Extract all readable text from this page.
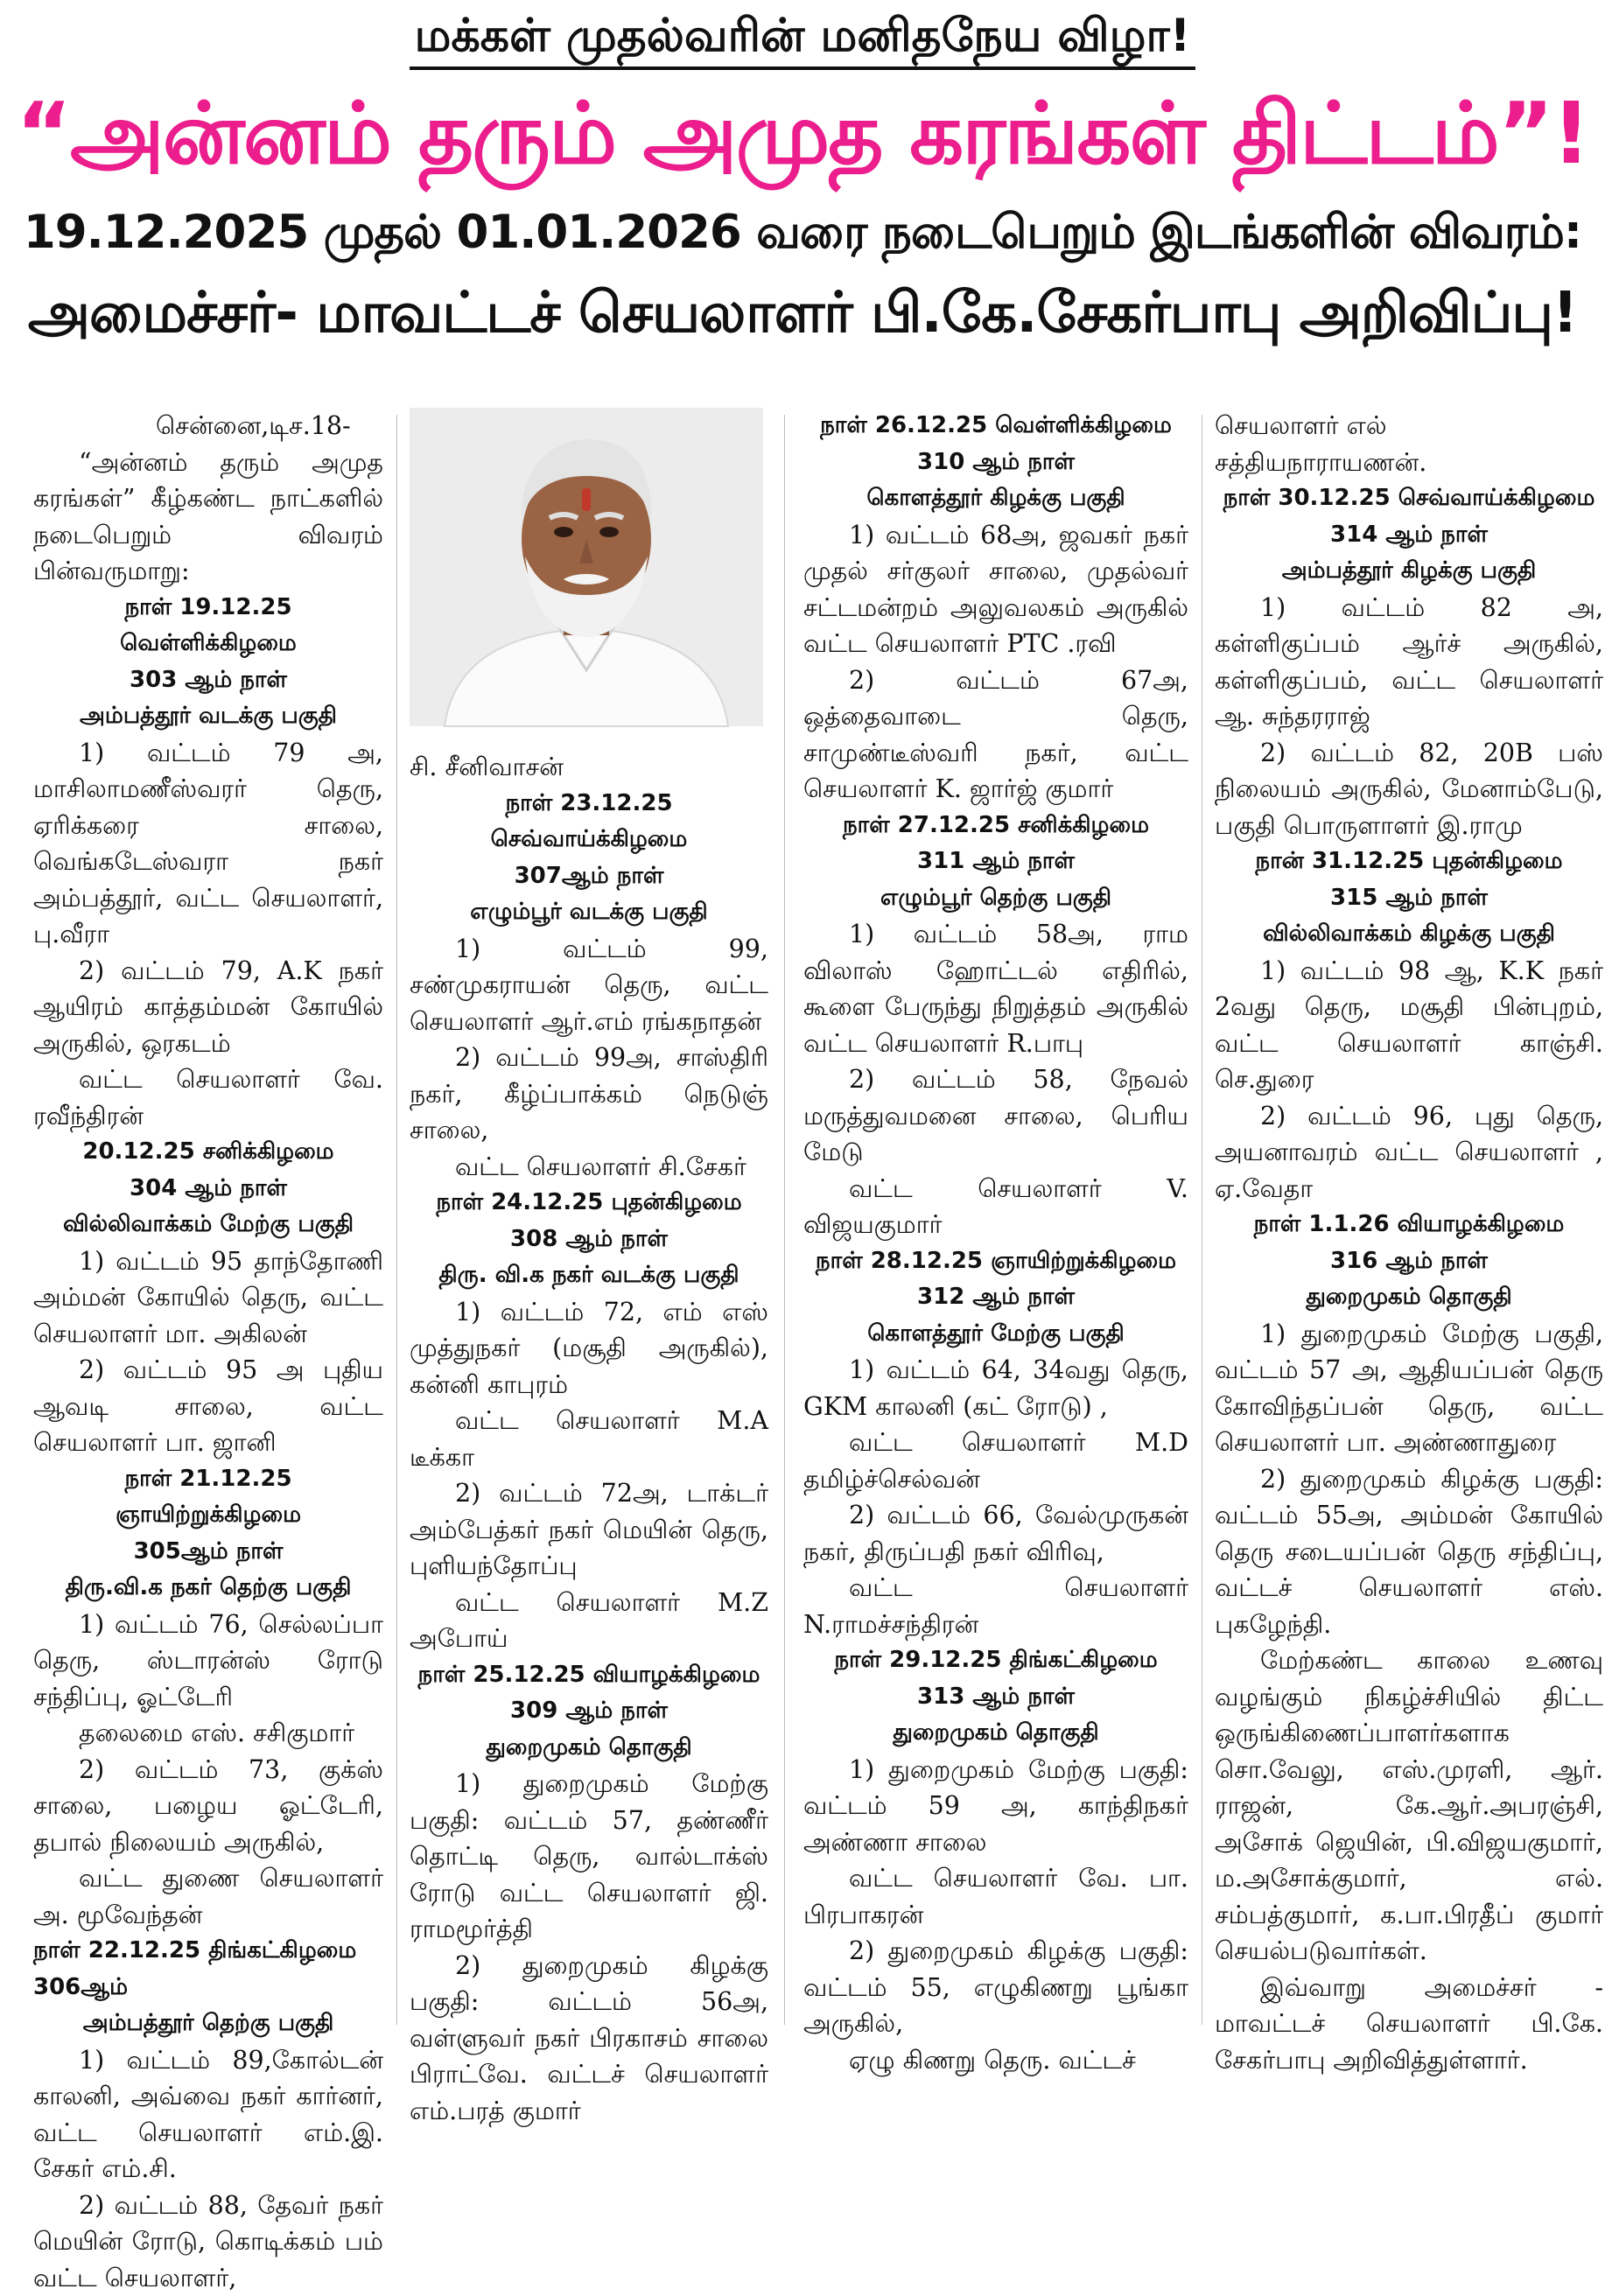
மக்கள் முதல்வரின் மனிதநேய விழா!
“அன்னம் தரும் அமுத கரங்கள் திட்டம்”!
19.12.2025 முதல் 01.01.2026 வரை நடைபெறும் இடங்களின் விவரம்:
அமைச்சர்- மாவட்டச் செயலாளர் பி.கே.சேகர்பாபு அறிவிப்பு!

சென்னை,டிச.18-

“அன்னம் தரும் அமுத கரங்கள்” கீழ்கண்ட நாட்களில் நடைபெறும் விவரம் பின்வருமாறு:

நாள் 19.12.25 வெள்ளிக்கிழமை

303 ஆம் நாள்

அம்பத்தூர் வடக்கு பகுதி

1) வட்டம் 79 அ, மாசிலாமணீஸ்வரர் தெரு, ஏரிக்கரை சாலை, வெங்கடேஸ்வரா நகர் அம்பத்தூர், வட்ட செயலாளர், பு.வீரா

2) வட்டம் 79, A.K நகர் ஆயிரம் காத்தம்மன் கோயில் அருகில், ஒரகடம்

வட்ட செயலாளர் வே. ரவீந்திரன்

20.12.25 சனிக்கிழமை

304 ஆம் நாள்

வில்லிவாக்கம் மேற்கு பகுதி

1) வட்டம் 95 தாந்தோணி அம்மன் கோயில் தெரு, வட்ட செயலாளர் மா. அகிலன்

2) வட்டம் 95 அ புதிய ஆவடி சாலை, வட்ட செயலாளர் பா. ஜானி

நாள் 21.12.25 ஞாயிற்றுக்கிழமை

305ஆம் நாள்

திரு.வி.க நகர் தெற்கு பகுதி

1) வட்டம் 76, செல்லப்பா தெரு, ஸ்டாரன்ஸ் ரோடு சந்திப்பு, ஓட்டேரி

தலைமை எஸ். சசிகுமார்

2) வட்டம் 73, குக்ஸ் சாலை, பழைய ஓட்டேரி, தபால் நிலையம் அருகில்,

வட்ட துணை செயலாளர் அ. மூவேந்தன்

நாள் 22.12.25 திங்கட்கிழமை 306ஆம்

அம்பத்தூர் தெற்கு பகுதி

1) வட்டம் 89,கோல்டன் காலனி, அவ்வை நகர் கார்னர், வட்ட செயலாளர் எம்.இ. சேகர் எம்.சி.

2) வட்டம் 88, தேவர் நகர் மெயின் ரோடு, கொடிக்கம் பம் வட்ட செயலாளர்,

சி. சீனிவாசன்

நாள் 23.12.25 செவ்வாய்க்கிழமை

307ஆம் நாள்

எழும்பூர் வடக்கு பகுதி

1) வட்டம் 99, சண்முகராயன் தெரு, வட்ட செயலாளர் ஆர்.எம் ரங்கநாதன்

2) வட்டம் 99அ, சாஸ்திரி நகர், கீழ்ப்பாக்கம் நெடுஞ் சாலை,

வட்ட செயலாளர் சி.சேகர்

நாள் 24.12.25 புதன்கிழமை

308 ஆம் நாள்

திரு. வி.க நகர் வடக்கு பகுதி

1) வட்டம் 72, எம் எஸ் முத்துநகர் (மசூதி அருகில்), கன்னி காபுரம்

வட்ட செயலாளர் M.A டீக்கா

2) வட்டம் 72அ, டாக்டர் அம்பேத்கர் நகர் மெயின் தெரு, புளியந்தோப்பு

வட்ட செயலாளர் M.Z அபோய்

நாள் 25.12.25 வியாழக்கிழமை

309 ஆம் நாள்

துறைமுகம் தொகுதி

1) துறைமுகம் மேற்கு பகுதி: வட்டம் 57, தண்ணீர் தொட்டி தெரு, வால்டாக்ஸ் ரோடு வட்ட செயலாளர் ஜி. ராமமூர்த்தி

2) துறைமுகம் கிழக்கு பகுதி: வட்டம் 56அ, வள்ளுவர் நகர் பிரகாசம் சாலை பிராட்வே. வட்டச் செயலாளர் எம்.பரத் குமார்

நாள் 26.12.25 வெள்ளிக்கிழமை

310 ஆம் நாள்

கொளத்தூர் கிழக்கு பகுதி

1) வட்டம் 68அ, ஜவகர் நகர் முதல் சர்குலர் சாலை, முதல்வர் சட்டமன்றம் அலுவலகம் அருகில் வட்ட செயலாளர் PTC .ரவி

2) வட்டம் 67அ, ஒத்தைவாடை தெரு, சாமுண்டீஸ்வரி நகர், வட்ட செயலாளர் K. ஜார்ஜ் குமார்

நாள் 27.12.25 சனிக்கிழமை

311 ஆம் நாள்

எழும்பூர் தெற்கு பகுதி

1) வட்டம் 58அ, ராம விலாஸ் ஹோட்டல் எதிரில், கூளை பேருந்து நிறுத்தம் அருகில் வட்ட செயலாளர் R.பாபு

2) வட்டம் 58, நேவல் மருத்துவமனை சாலை, பெரிய மேடு

வட்ட செயலாளர் V. விஜயகுமார்

நாள் 28.12.25 ஞாயிற்றுக்கிழமை

312 ஆம் நாள்

கொளத்தூர் மேற்கு பகுதி

1) வட்டம் 64, 34வது தெரு, GKM காலனி (கட் ரோடு) ,

வட்ட செயலாளர் M.D தமிழ்ச்செல்வன்

2) வட்டம் 66, வேல்முருகன் நகர், திருப்பதி நகர் விரிவு,

வட்ட செயலாளர் N.ராமச்சந்திரன்

நாள் 29.12.25 திங்கட்கிழமை

313 ஆம் நாள்

துறைமுகம் தொகுதி

1) துறைமுகம் மேற்கு பகுதி: வட்டம் 59 அ, காந்திநகர் அண்ணா சாலை

வட்ட செயலாளர் வே. பா. பிரபாகரன்

2) துறைமுகம் கிழக்கு பகுதி: வட்டம் 55, எழுகிணறு பூங்கா அருகில்,

ஏழு கிணறு தெரு. வட்டச்

செயலாளர் எல் சத்தியநாராயணன்.

நாள் 30.12.25 செவ்வாய்க்கிழமை

314 ஆம் நாள்

அம்பத்தூர் கிழக்கு பகுதி

1) வட்டம் 82 அ, கள்ளிகுப்பம் ஆர்ச் அருகில், கள்ளிகுப்பம், வட்ட செயலாளர் ஆ. சுந்தரராஜ்

2) வட்டம் 82, 20B பஸ் நிலையம் அருகில், மேனாம்பேடு, பகுதி பொருளாளர் இ.ராமு

நான் 31.12.25 புதன்கிழமை

315 ஆம் நாள்

வில்லிவாக்கம் கிழக்கு பகுதி

1) வட்டம் 98 ஆ, K.K நகர் 2வது தெரு, மசூதி பின்புறம், வட்ட செயலாளர் காஞ்சி. செ.துரை

2) வட்டம் 96, புது தெரு, அயனாவரம் வட்ட செயலாளர் , ஏ.வேதா

நாள் 1.1.26 வியாழக்கிழமை

316 ஆம் நாள்

துறைமுகம் தொகுதி

1) துறைமுகம் மேற்கு பகுதி, வட்டம் 57 அ, ஆதியப்பன் தெரு கோவிந்தப்பன் தெரு, வட்ட செயலாளர் பா. அண்ணாதுரை

2) துறைமுகம் கிழக்கு பகுதி: வட்டம் 55அ, அம்மன் கோயில் தெரு சடையப்பன் தெரு சந்திப்பு, வட்டச் செயலாளர் எஸ். புகழேந்தி.

மேற்கண்ட காலை உணவு வழங்கும் நிகழ்ச்சியில் திட்ட ஒருங்கிணைப்பாளர்களாக சொ.வேலு, எஸ்.முரளி, ஆர். ராஜன், கே.ஆர்.அபரஞ்சி, அசோக் ஜெயின், பி.விஜயகுமார், ம.அசோக்குமார், எல். சம்பத்குமார், க.பா.பிரதீப் குமார் செயல்படுவார்கள்.

இவ்வாறு அமைச்சர் - மாவட்டச் செயலாளர் பி.கே. சேகர்பாபு அறிவித்துள்ளார்.
